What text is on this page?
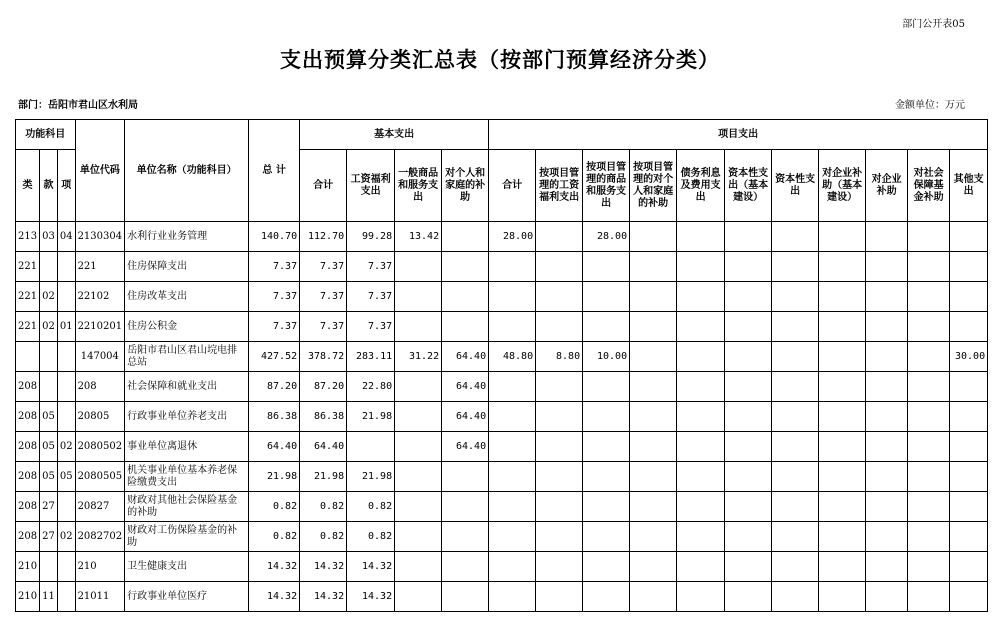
部门公开表05
支出预算分类汇总表（按部门预算经济分类）
部门：岳阳市君山区水利局	金额单位：万元
功能科目			单位代码	单位名称（功能科目）	总 计	基本支出				项目支出										
类	款	项				合计	工资福利支出	一般商品和服务支出	对个人和家庭的补助	合计	按项目管理的工资福利支出	按项目管理的商品和服务支出	按项目管理的对个人和家庭的补助	债务利息及费用支出	资本性支出（基本建设）	资本性支出	对企业补助（基本建设）	对企业补助	对社会保障基金补助	其他支出
213	03	04	2130304	水利行业业务管理	140.70	112.70	99.28	13.42		28.00		28.00								
221			221	住房保障支出	7.37	7.37	7.37													
221	02		22102	住房改革支出	7.37	7.37	7.37													
221	02	01	2210201	住房公积金	7.37	7.37	7.37													
			147004	岳阳市君山区君山垸电排总站	427.52	378.72	283.11	31.22	64.40	48.80	8.80	10.00								30.00
208			208	社会保障和就业支出	87.20	87.20	22.80		64.40											
208	05		20805	行政事业单位养老支出	86.38	86.38	21.98		64.40											
208	05	02	2080502	事业单位离退休	64.40	64.40			64.40											
208	05	05	2080505	机关事业单位基本养老保险缴费支出	21.98	21.98	21.98													
208	27		20827	财政对其他社会保险基金的补助	0.82	0.82	0.82													
208	27	02	2082702	财政对工伤保险基金的补助	0.82	0.82	0.82													
210			210	卫生健康支出	14.32	14.32	14.32													
210	11		21011	行政事业单位医疗	14.32	14.32	14.32													
